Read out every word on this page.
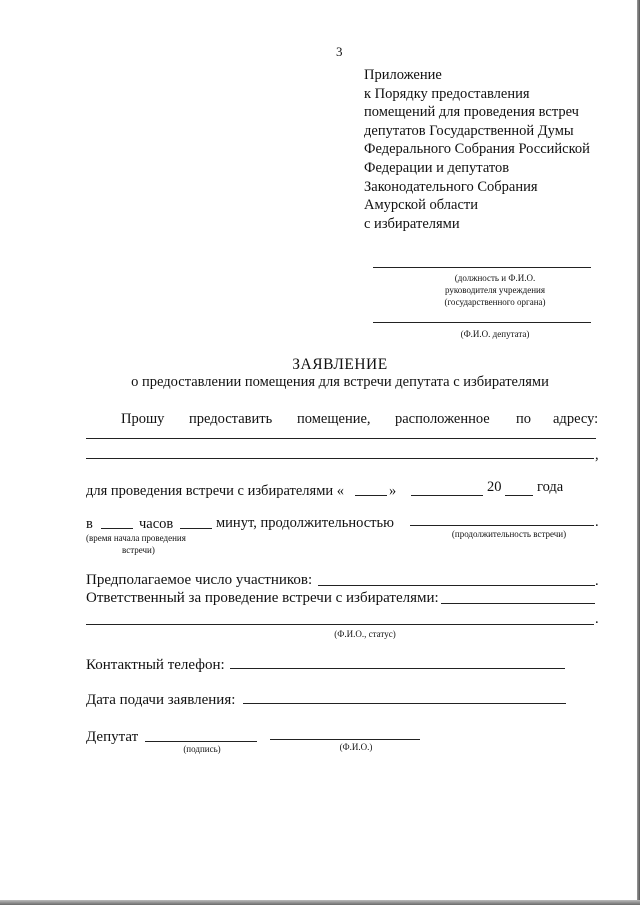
3
Приложение
к Порядку предоставления
помещений для проведения встреч
депутатов Государственной Думы
Федерального Собрания Российской
Федерации и депутатов
Законодательного Собрания
Амурской области
с избирателями
(должность и Ф.И.О.
руководителя учреждения
(государственного органа)
(Ф.И.О. депутата)
ЗАЯВЛЕНИЕ
о предоставлении помещения для встречи депутата с избирателями
Прошу предоставить помещение, расположенное по адресу:
,
для проведения встречи с избирателями «	»	20 года
в	часов	минут, продолжительностью	.
(время начала проведения
встречи)
(продолжительность встречи)
Предполагаемое число участников:	.
Ответственный за проведение встречи с избирателями:
.
(Ф.И.О., статус)
Контактный телефон:
Дата подачи заявления:
Депутат
(подпись)	(Ф.И.О.)
